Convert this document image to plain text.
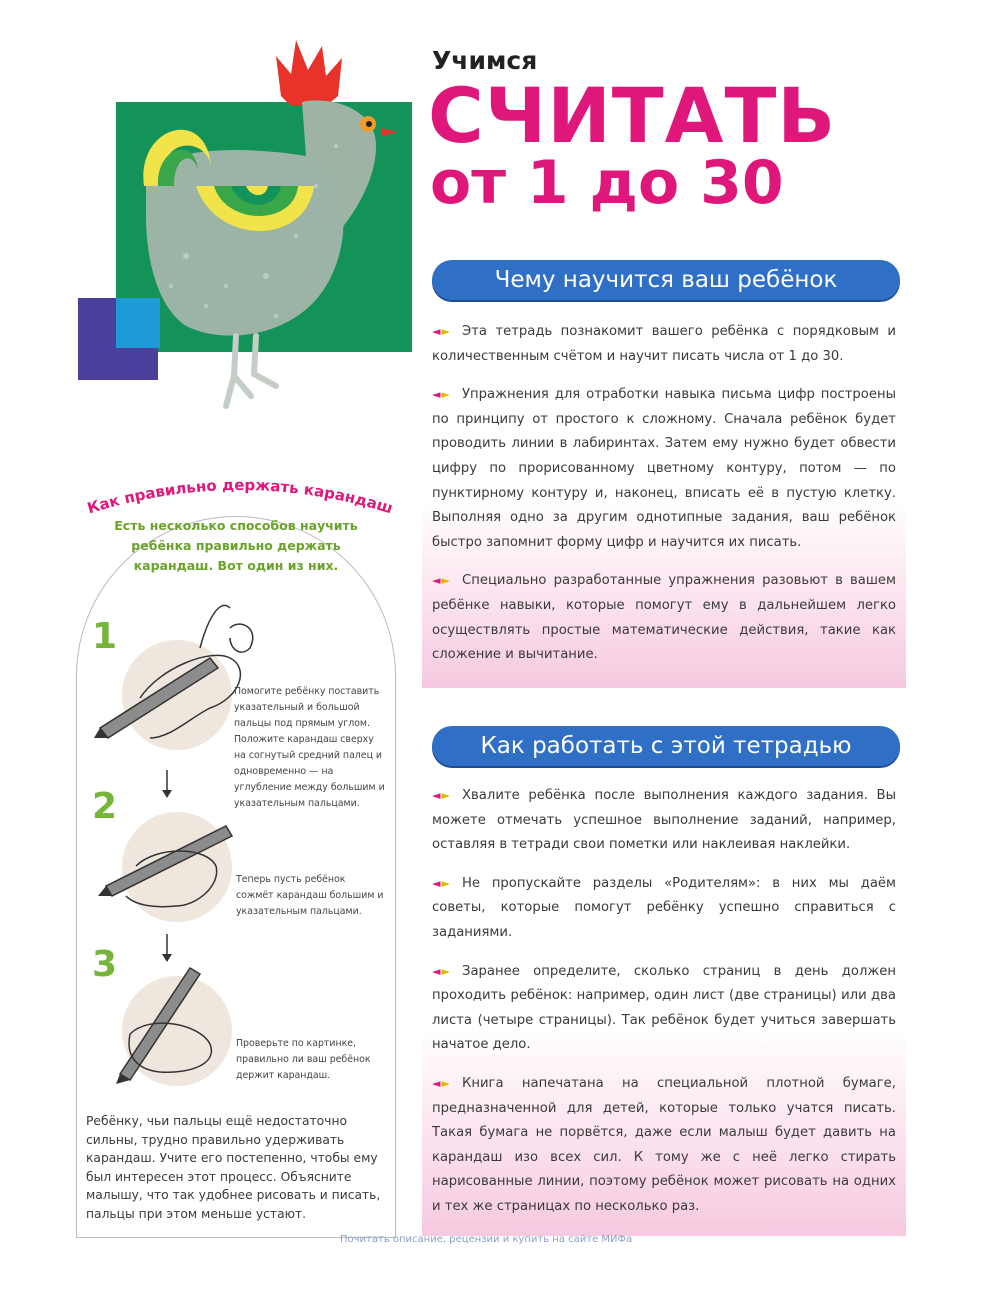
Учимся
СЧИТАТЬ
от 1 до 30
Чему научится ваш ребёнок

◄► Эта тетрадь познакомит вашего ребёнка с порядковым и количественным счётом и научит писать числа от 1 до 30.

◄► Упражнения для отработки навыка письма цифр построены по принципу от простого к сложному. Сначала ребёнок будет проводить линии в лабиринтах. Затем ему нужно будет обвести цифру по прорисованному цветному контуру, потом — по пунктирному контуру и, наконец, вписать её в пустую клетку. Выполняя одно за другим однотипные задания, ваш ребёнок быстро запомнит форму цифр и научится их писать.

◄► Специально разработанные упражнения разовьют в вашем ребёнке навыки, которые помогут ему в дальнейшем легко осуществлять простые математические действия, такие как сложение и вычитание.

Как работать с этой тетрадью

◄► Хвалите ребёнка после выполнения каждого задания. Вы можете отмечать успешное выполнение заданий, например, оставляя в тетради свои пометки или наклеивая наклейки.

◄► Не пропускайте разделы «Родителям»: в них мы даём советы, которые помогут ребёнку успешно справиться с заданиями.

◄► Заранее определите, сколько страниц в день должен проходить ребёнок: например, один лист (две страницы) или два листа (четыре страницы). Так ребёнок будет учиться завершать начатое дело.

◄► Книга напечатана на специальной плотной бумаге, предназначенной для детей, которые только учатся писать. Такая бумага не порвётся, даже если малыш будет давить на карандаш изо всех сил. К тому же с неё легко стирать нарисованные линии, поэтому ребёнок может рисовать на одних и тех же страницах по несколько раз.

Как правильно держать карандаш
Есть несколько способов научить ребёнка правильно держать карандаш. Вот один из них.
1
Помогите ребёнку поставить указательный и большой пальцы под прямым углом. Положите карандаш сверху на согнутый средний палец и одновременно — на углубление между большим и указательным пальцами.
2
Теперь пусть ребёнок сожмёт карандаш большим и указательным пальцами.
3
Проверьте по картинке, правильно ли ваш ребёнок держит карандаш.
Ребёнку, чьи пальцы ещё недостаточно сильны, трудно правильно удерживать карандаш. Учите его постепенно, чтобы ему был интересен этот процесс. Объясните малышу, что так удобнее рисовать и писать, пальцы при этом меньше устают.
Почитать описание, рецензии и купить на сайте МИФа
